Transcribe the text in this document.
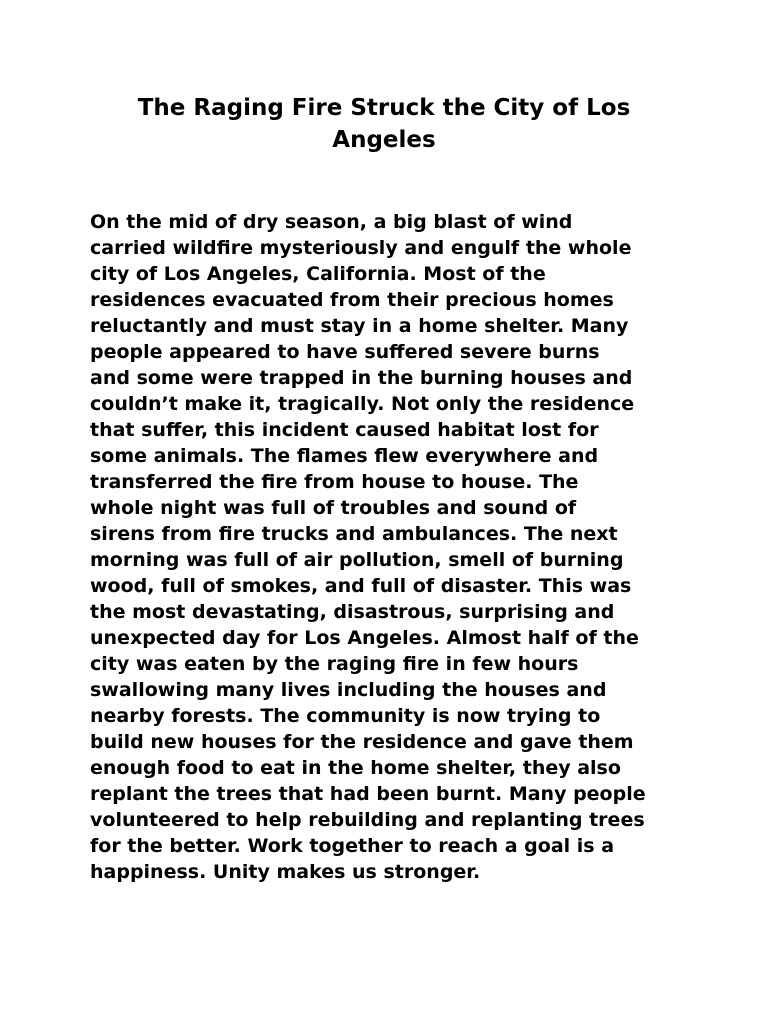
The Raging Fire Struck the City of Los
Angeles

On the mid of dry season, a big blast of wind
carried wildfire mysteriously and engulf the whole
city of Los Angeles, California. Most of the
residences evacuated from their precious homes
reluctantly and must stay in a home shelter. Many
people appeared to have suffered severe burns
and some were trapped in the burning houses and
couldn’t make it, tragically. Not only the residence
that suffer, this incident caused habitat lost for
some animals. The flames flew everywhere and
transferred the fire from house to house. The
whole night was full of troubles and sound of
sirens from fire trucks and ambulances. The next
morning was full of air pollution, smell of burning
wood, full of smokes, and full of disaster. This was
the most devastating, disastrous, surprising and
unexpected day for Los Angeles. Almost half of the
city was eaten by the raging fire in few hours
swallowing many lives including the houses and
nearby forests. The community is now trying to
build new houses for the residence and gave them
enough food to eat in the home shelter, they also
replant the trees that had been burnt. Many people
volunteered to help rebuilding and replanting trees
for the better. Work together to reach a goal is a
happiness. Unity makes us stronger.
